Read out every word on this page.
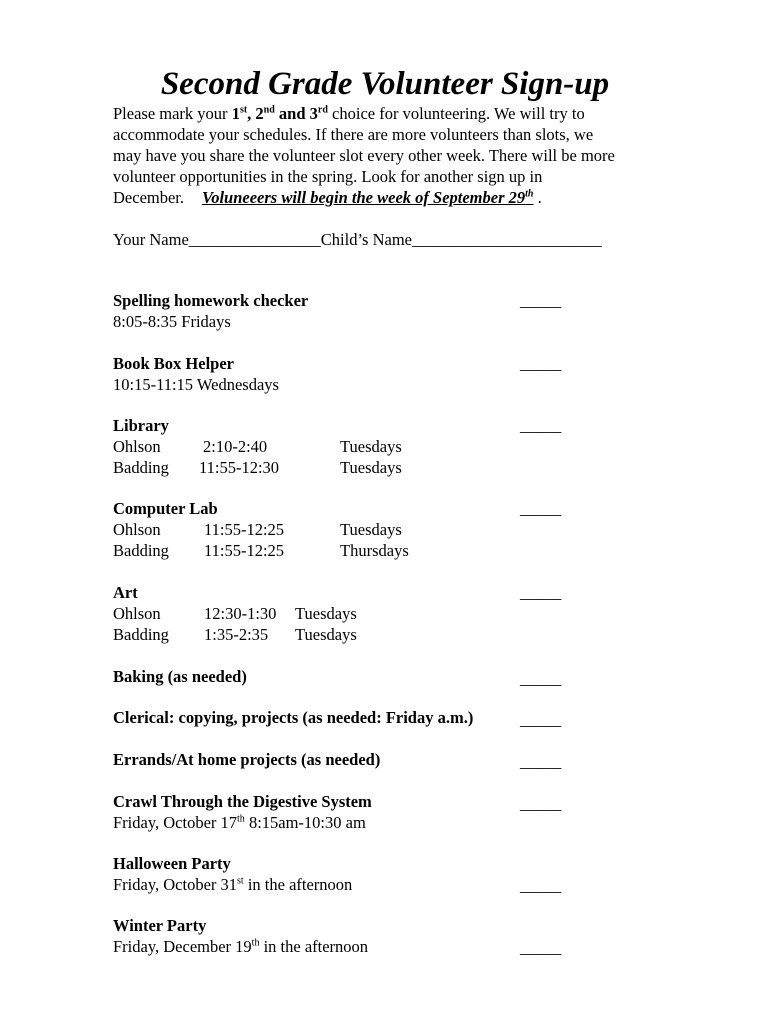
Second Grade Volunteer Sign-up
Please mark your 1st, 2nd and 3rd choice for volunteering. We will try to
accommodate your schedules. If there are more volunteers than slots, we
may have you share the volunteer slot every other week. There will be more
volunteer opportunities in the spring. Look for another sign up in
December. Voluneeers will begin the week of September 29th .
Your Name________________Child’s Name_______________________
Spelling homework checker
8:05-8:35 Fridays
_____
Book Box Helper
10:15-11:15 Wednesdays
_____
Library
Ohlson	2:10-2:40	Tuesdays
Badding 11:55-12:30	Tuesdays
_____
Computer Lab
Ohlson	11:55-12:25	Tuesdays
Badding 11:55-12:25	Thursdays
_____
Art
Ohlson	12:30-1:30 Tuesdays
Badding 1:35-2:35 Tuesdays
_____
Baking (as needed)	_____
Clerical: copying, projects (as needed: Friday a.m.)	_____
Errands/At home projects (as needed)	_____
Crawl Through the Digestive System
Friday, October 17th 8:15am-10:30 am
_____
Halloween Party
Friday, October 31st in the afternoon	_____
Winter Party
Friday, December 19th in the afternoon	_____
